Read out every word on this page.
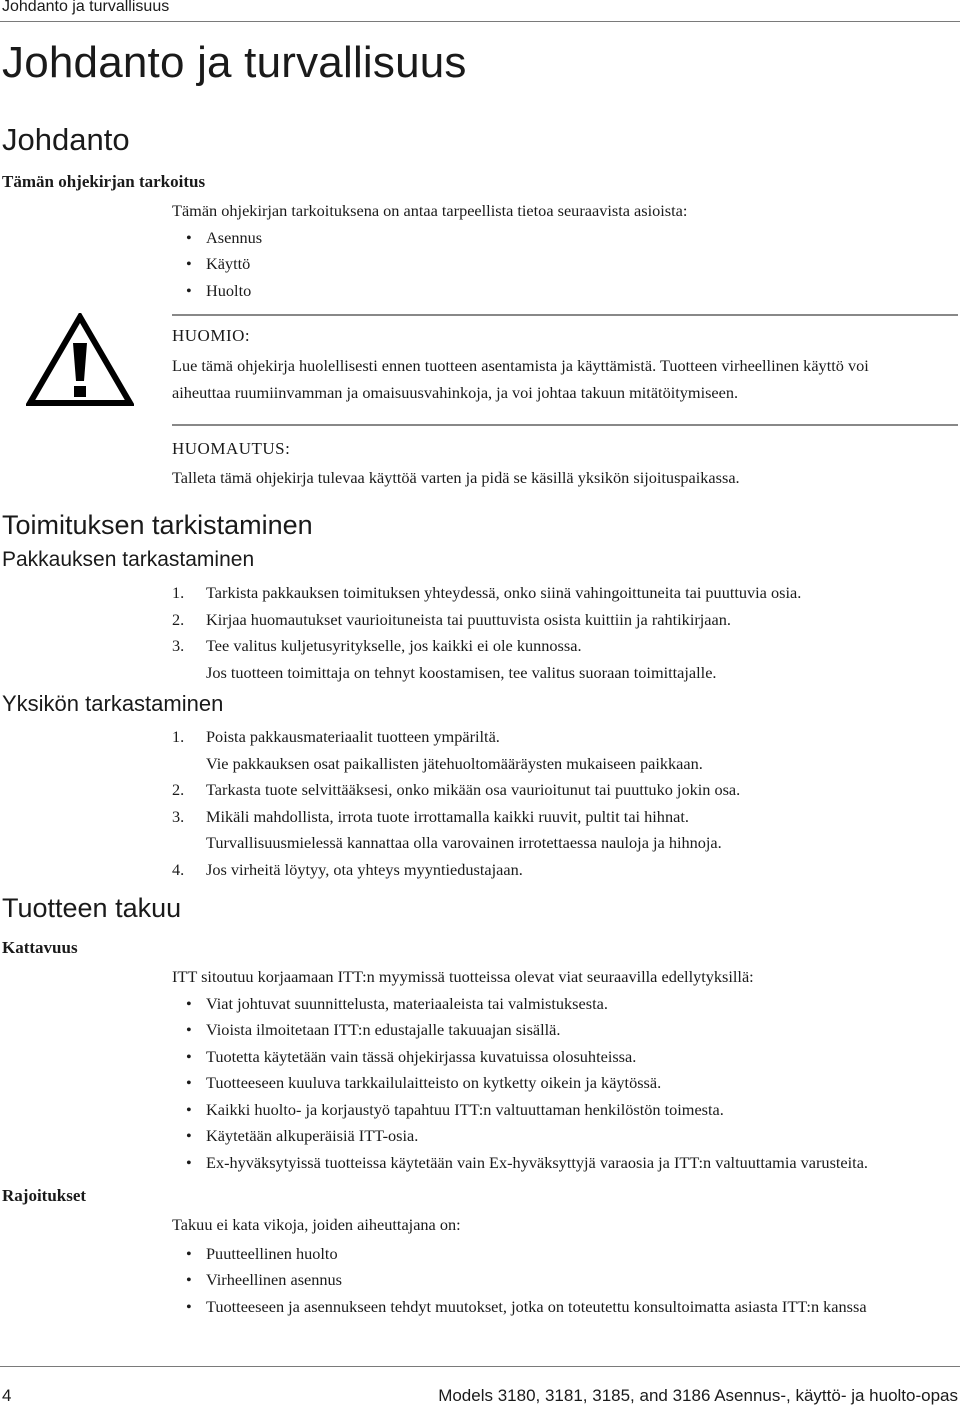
Johdanto ja turvallisuus
Johdanto ja turvallisuus
Johdanto
Tämän ohjekirjan tarkoitus
Tämän ohjekirjan tarkoituksena on antaa tarpeellista tietoa seuraavista asioista:
• Asennus
• Käyttö
• Huolto
HUOMIO:
Lue tämä ohjekirja huolellisesti ennen tuotteen asentamista ja käyttämistä. Tuotteen virheellinen käyttö voi
aiheuttaa ruumiinvamman ja omaisuusvahinkoja, ja voi johtaa takuun mitätöitymiseen.
HUOMAUTUS:
Talleta tämä ohjekirja tulevaa käyttöä varten ja pidä se käsillä yksikön sijoituspaikassa.
Toimituksen tarkistaminen
Pakkauksen tarkastaminen
1. Tarkista pakkauksen toimituksen yhteydessä, onko siinä vahingoittuneita tai puuttuvia osia.
2. Kirjaa huomautukset vaurioituneista tai puuttuvista osista kuittiin ja rahtikirjaan.
3. Tee valitus kuljetusyritykselle, jos kaikki ei ole kunnossa.
Jos tuotteen toimittaja on tehnyt koostamisen, tee valitus suoraan toimittajalle.
Yksikön tarkastaminen
1. Poista pakkausmateriaalit tuotteen ympäriltä.
Vie pakkauksen osat paikallisten jätehuoltomääräysten mukaiseen paikkaan.
2. Tarkasta tuote selvittääksesi, onko mikään osa vaurioitunut tai puuttuko jokin osa.
3. Mikäli mahdollista, irrota tuote irrottamalla kaikki ruuvit, pultit tai hihnat.
Turvallisuusmielessä kannattaa olla varovainen irrotettaessa nauloja ja hihnoja.
4. Jos virheitä löytyy, ota yhteys myyntiedustajaan.
Tuotteen takuu
Kattavuus
ITT sitoutuu korjaamaan ITT:n myymissä tuotteissa olevat viat seuraavilla edellytyksillä:
• Viat johtuvat suunnittelusta, materiaaleista tai valmistuksesta.
• Vioista ilmoitetaan ITT:n edustajalle takuuajan sisällä.
• Tuotetta käytetään vain tässä ohjekirjassa kuvatuissa olosuhteissa.
• Tuotteeseen kuuluva tarkkailulaitteisto on kytketty oikein ja käytössä.
• Kaikki huolto- ja korjaustyö tapahtuu ITT:n valtuuttaman henkilöstön toimesta.
• Käytetään alkuperäisiä ITT-osia.
• Ex-hyväksytyissä tuotteissa käytetään vain Ex-hyväksyttyjä varaosia ja ITT:n valtuuttamia varusteita.
Rajoitukset
Takuu ei kata vikoja, joiden aiheuttajana on:
• Puutteellinen huolto
• Virheellinen asennus
• Tuotteeseen ja asennukseen tehdyt muutokset, jotka on toteutettu konsultoimatta asiasta ITT:n kanssa
4	Models 3180, 3181, 3185, and 3186 Asennus-, käyttö- ja huolto-opas
